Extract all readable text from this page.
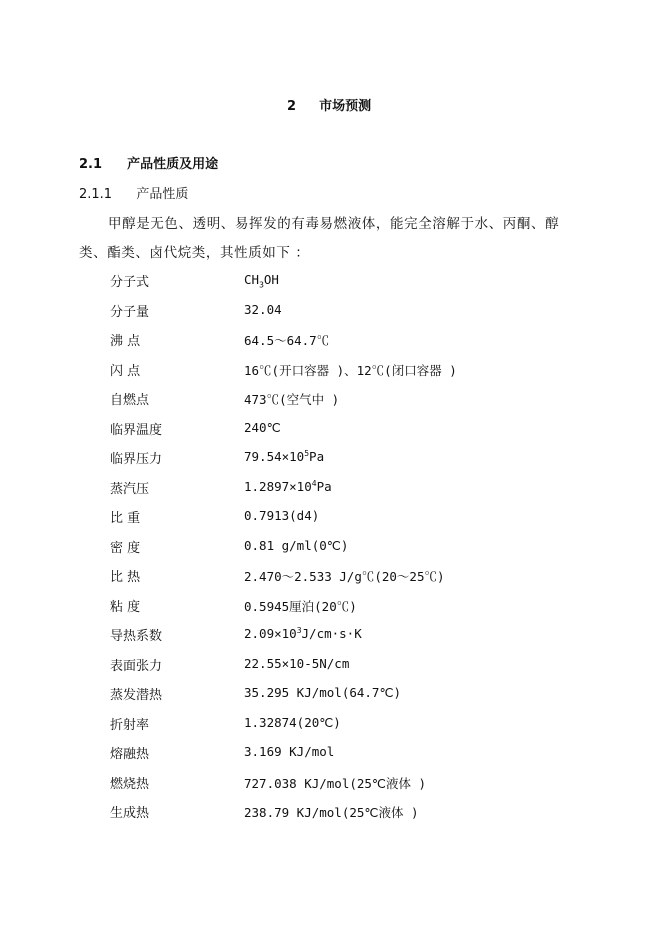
2 市场预测
2.1 产品性质及用途
2.1.1 产品性质
甲醇是无色、透明、易挥发的有毒易燃液体，能完全溶解于水、丙酮、醇
类、酯类、卤代烷类，其性质如下 ：
分子式	$CH_3OH$
分子量	32.04
沸 点	64.5～64.7℃
闪 点	16℃(开口容器 )、12℃(闭口容器 )
自燃点	473℃(空气中 )
临界温度	240℃
临界压力	$79.54\times 10^5Pa$
蒸汽压	$1.2897\times 10^4Pa$
比 重	0.7913(d4)
密 度	0.81 g/ml(0℃)
比 热	2.470～2.533 J/g℃(20～25℃)
粘 度	0.5945厘泊(20℃)
导热系数	$2.09\times 10^3J/cm\cdot s\cdot K$
表面张力	22.55×10-5N/cm
蒸发潜热	35.295 KJ/mol(64.7℃)
折射率	1.32874(20℃)
熔融热	3.169 KJ/mol
燃烧热	727.038 KJ/mol(25℃液体 )
生成热	238.79 KJ/mol(25℃液体 )
